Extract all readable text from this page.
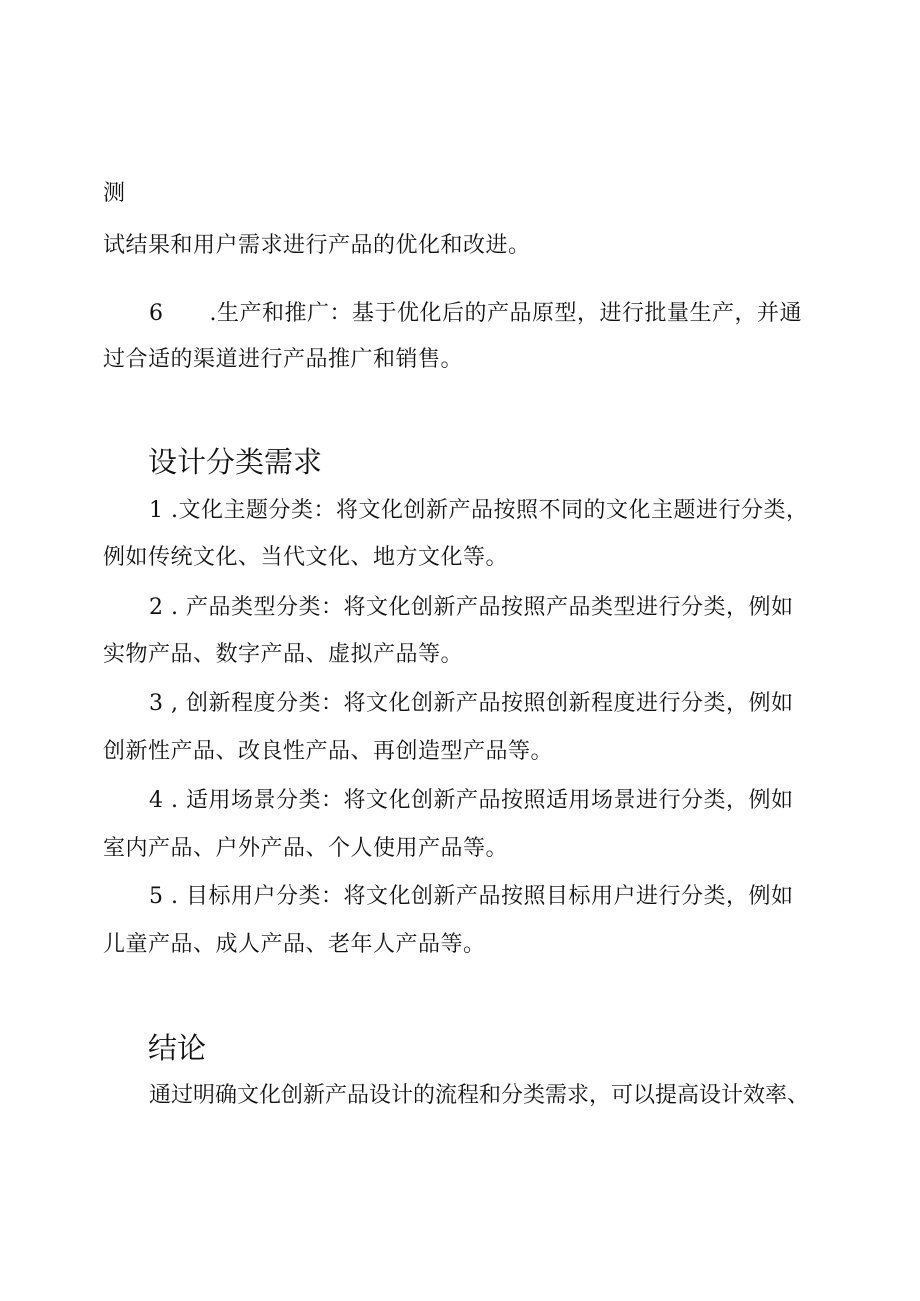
测
试结果和用户需求进行产品的优化和改进。
6 .生产和推广：基于优化后的产品原型，进行批量生产，并通
过合适的渠道进行产品推广和销售。
设计分类需求
1 .文化主题分类：将文化创新产品按照不同的文化主题进行分类，
例如传统文化、当代文化、地方文化等。
2 . 产品类型分类：将文化创新产品按照产品类型进行分类，例如
实物产品、数字产品、虚拟产品等。
3 , 创新程度分类：将文化创新产品按照创新程度进行分类，例如
创新性产品、改良性产品、再创造型产品等。
4 . 适用场景分类：将文化创新产品按照适用场景进行分类，例如
室内产品、户外产品、个人使用产品等。
5 . 目标用户分类：将文化创新产品按照目标用户进行分类，例如
儿童产品、成人产品、老年人产品等。
结论
通过明确文化创新产品设计的流程和分类需求，可以提高设计效率、
